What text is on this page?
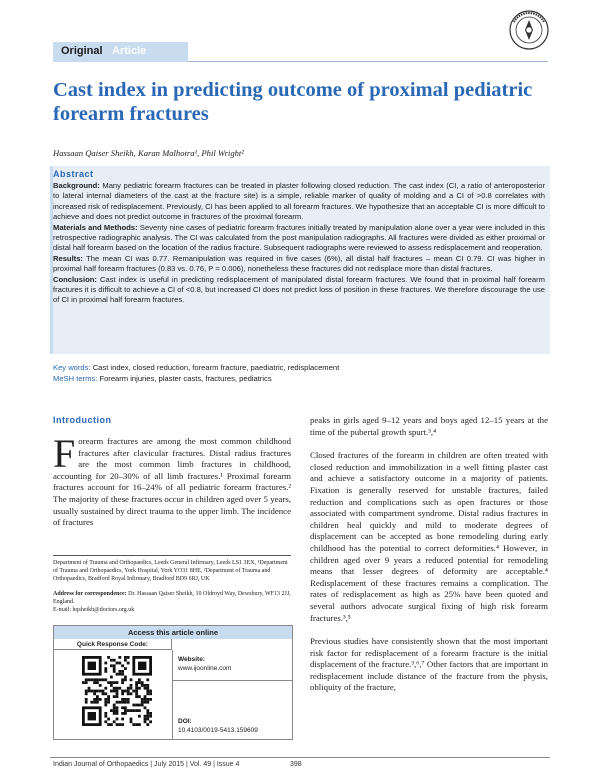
Original Article
Cast index in predicting outcome of proximal pediatric forearm fractures
Hassaan Qaiser Sheikh, Karan Malhotra¹, Phil Wright²
Abstract

Background: Many pediatric forearm fractures can be treated in plaster following closed reduction. The cast index (CI, a ratio of anteroposterior to lateral internal diameters of the cast at the fracture site) is a simple, reliable marker of quality of molding and a CI of >0.8 correlates with increased risk of redisplacement. Previously, CI has been applied to all forearm fractures. We hypothesize that an acceptable CI is more difficult to achieve and does not predict outcome in fractures of the proximal forearm.

Materials and Methods: Seventy nine cases of pediatric forearm fractures initially treated by manipulation alone over a year were included in this retrospective radiographic analysis. The CI was calculated from the post manipulation radiographs. All fractures were divided as either proximal or distal half forearm based on the location of the radius fracture. Subsequent radiographs were reviewed to assess redisplacement and reoperation.

Results: The mean CI was 0.77. Remanipulation was required in five cases (6%), all distal half fractures – mean CI 0.79. CI was higher in proximal half forearm fractures (0.83 vs. 0.76, P = 0.006), nonetheless these fractures did not redisplace more than distal fractures.

Conclusion: Cast index is useful in predicting redisplacement of manipulated distal forearm fractures. We found that in proximal half forearm fractures it is difficult to achieve a CI of <0.8, but increased CI does not predict loss of position in these fractures. We therefore discourage the use of CI in proximal half forearm fractures.

Key words: Cast index, closed reduction, forearm fracture, paediatric, redisplacement
MeSH terms: Forearm injuries, plaster casts, fractures, pediatrics
Introduction

Forearm fractures are among the most common childhood fractures after clavicular fractures. Distal radius fractures are the most common limb fractures in childhood, accounting for 20–30% of all limb fractures.¹ Proximal forearm fractures account for 16–24% of all pediatric forearm fractures.² The majority of these fractures occur in children aged over 5 years, usually sustained by direct trauma to the upper limb. The incidence of fractures

Department of Trauma and Orthopaedics, Leeds General Infirmary, Leeds LS1 3EX, ¹Department of Trauma and Orthopaedics, York Hospital, York YO31 8HE, ²Department of Trauma and Orthopaedics, Bradford Royal Infirmary, Bradford BD9 6RJ, UK
Address for correspondence: Dr. Hassaan Qaiser Sheikh, 10 Oldroyd Way, Dewsbury, WF13 2JJ, England.
E-mail: hqsheikh@doctors.org.uk
Access this article online
Quick Response Code:
Website:
www.ijoonline.com
DOI:
10.4103/0019-5413.159609

peaks in girls aged 9–12 years and boys aged 12–15 years at the time of the pubertal growth spurt.³,⁴

Closed fractures of the forearm in children are often treated with closed reduction and immobilization in a well fitting plaster cast and achieve a satisfactory outcome in a majority of patients. Fixation is generally reserved for unstable fractures, failed reduction and complications such as open fractures or those associated with compartment syndrome. Distal radius fractures in children heal quickly and mild to moderate degrees of displacement can be accepted as bone remodeling during early childhood has the potential to correct deformities.⁴ However, in children aged over 9 years a reduced potential for remodeling means that lesser degrees of deformity are acceptable.⁴ Redisplacement of these fractures remains a complication. The rates of redisplacement as high as 25% have been quoted and several authors advocate surgical fixing of high risk forearm fractures.³,⁵

Previous studies have consistently shown that the most important risk factor for redisplacement of a forearm fracture is the initial displacement of the fracture.³,⁶,⁷ Other factors that are important in redisplacement include distance of the fracture from the physis, obliquity of the fracture,

Indian Journal of Orthopaedics | July 2015 | Vol. 49 | Issue 4	398
